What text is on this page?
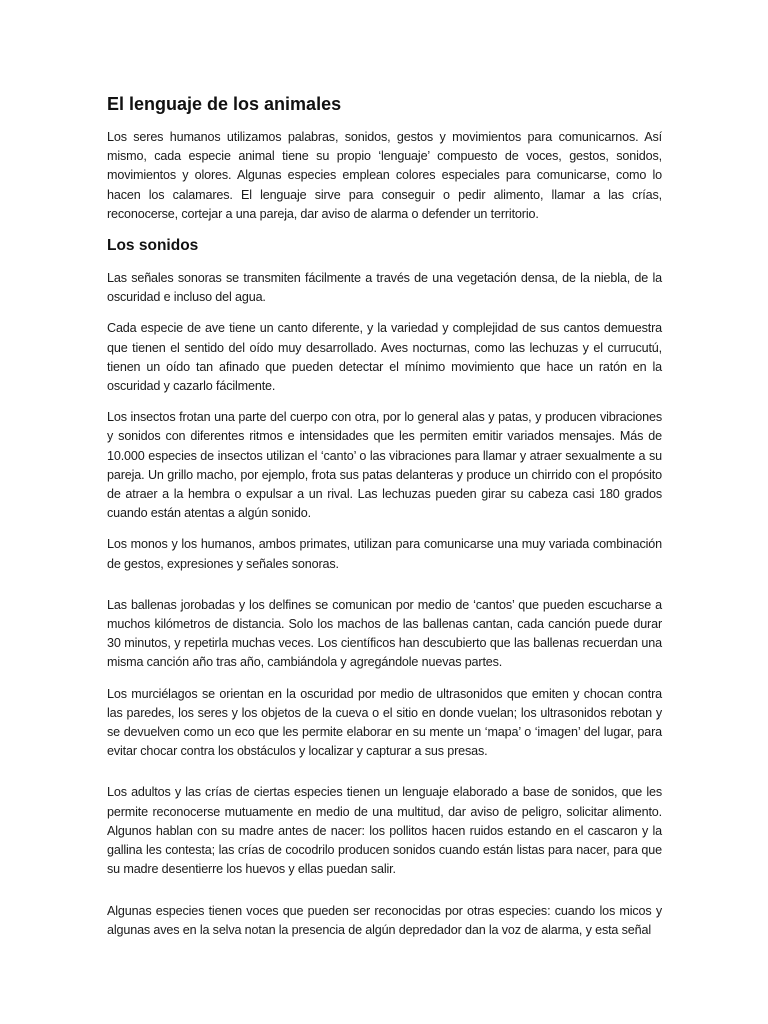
El lenguaje de los animales

Los seres humanos utilizamos palabras, sonidos, gestos y movimientos para comunicarnos. Así mismo, cada especie animal tiene su propio ‘lenguaje’ compuesto de voces, gestos, sonidos, movimientos y olores. Algunas especies emplean colores especiales para comunicarse, como lo hacen los calamares. El lenguaje sirve para conseguir o pedir alimento, llamar a las crías, reconocerse, cortejar a una pareja, dar aviso de alarma o defender un territorio.

Los sonidos

Las señales sonoras se transmiten fácilmente a través de una vegetación densa, de la niebla, de la oscuridad e incluso del agua.

Cada especie de ave tiene un canto diferente, y la variedad y complejidad de sus cantos demuestra que tienen el sentido del oído muy desarrollado. Aves nocturnas, como las lechuzas y el currucutú, tienen un oído tan afinado que pueden detectar el mínimo movimiento que hace un ratón en la oscuridad y cazarlo fácilmente.

Los insectos frotan una parte del cuerpo con otra, por lo general alas y patas, y producen vibraciones y sonidos con diferentes ritmos e intensidades que les permiten emitir variados mensajes. Más de 10.000 especies de insectos utilizan el ‘canto’ o las vibraciones para llamar y atraer sexualmente a su pareja. Un grillo macho, por ejemplo, frota sus patas delanteras y produce un chirrido con el propósito de atraer a la hembra o expulsar a un rival. Las lechuzas pueden girar su cabeza casi 180 grados cuando están atentas a algún sonido.

Los monos y los humanos, ambos primates, utilizan para comunicarse una muy variada combinación de gestos, expresiones y señales sonoras.

Las ballenas jorobadas y los delfines se comunican por medio de ‘cantos’ que pueden escucharse a muchos kilómetros de distancia. Solo los machos de las ballenas cantan, cada canción puede durar 30 minutos, y repetirla muchas veces. Los científicos han descubierto que las ballenas recuerdan una misma canción año tras año, cambiándola y agregándole nuevas partes.

Los murciélagos se orientan en la oscuridad por medio de ultrasonidos que emiten y chocan contra las paredes, los seres y los objetos de la cueva o el sitio en donde vuelan; los ultrasonidos rebotan y se devuelven como un eco que les permite elaborar en su mente un ‘mapa’ o ‘imagen’ del lugar, para evitar chocar contra los obstáculos y localizar y capturar a sus presas.

Los adultos y las crías de ciertas especies tienen un lenguaje elaborado a base de sonidos, que les permite reconocerse mutuamente en medio de una multitud, dar aviso de peligro, solicitar alimento. Algunos hablan con su madre antes de nacer: los pollitos hacen ruidos estando en el cascaron y la gallina les contesta; las crías de cocodrilo producen sonidos cuando están listas para nacer, para que su madre desentierre los huevos y ellas puedan salir.

Algunas especies tienen voces que pueden ser reconocidas por otras especies: cuando los micos y algunas aves en la selva notan la presencia de algún depredador dan la voz de alarma, y esta señal
